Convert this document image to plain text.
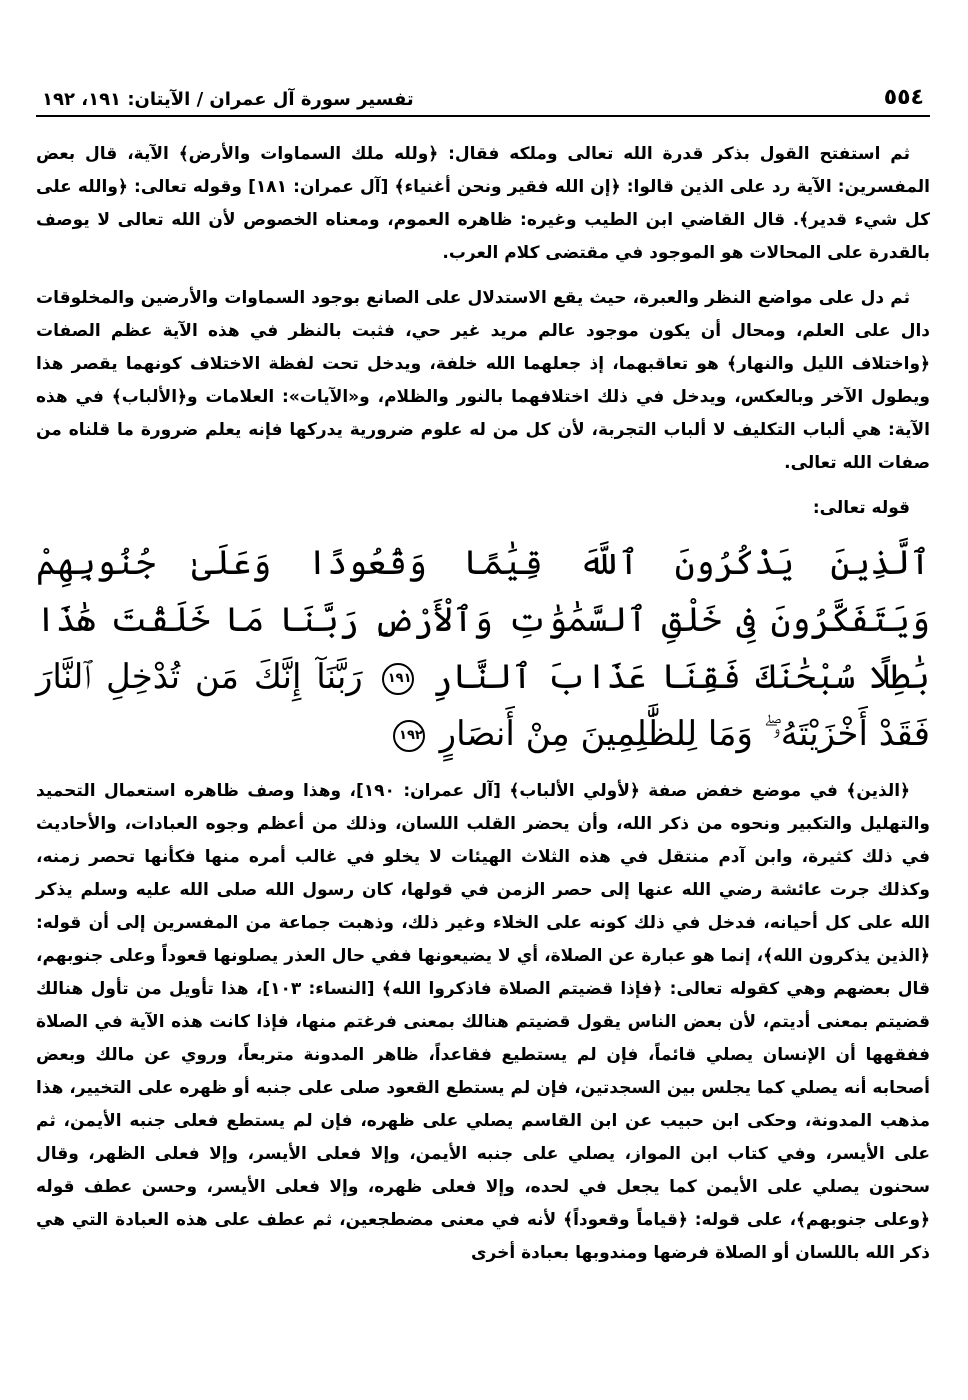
٥٥٤
تفسير سورة آل عمران / الآيتان: ١٩١، ١٩٢

ثم استفتح القول بذكر قدرة الله تعالى وملكه فقال: ﴿ولله ملك السماوات والأرض﴾ الآية، قال بعض المفسرين: الآية رد على الذين قالوا: ﴿إن الله فقير ونحن أغنياء﴾ [آل عمران: ١٨١] وقوله تعالى: ﴿والله على كل شيء قدير﴾. قال القاضي ابن الطيب وغيره: ظاهره العموم، ومعناه الخصوص لأن الله تعالى لا يوصف بالقدرة على المحالات هو الموجود في مقتضى كلام العرب.

ثم دل على مواضع النظر والعبرة، حيث يقع الاستدلال على الصانع بوجود السماوات والأرضين والمخلوقات دال على العلم، ومحال أن يكون موجود عالم مريد غير حي، فثبت بالنظر في هذه الآية عظم الصفات ﴿واختلاف الليل والنهار﴾ هو تعاقبهما، إذ جعلهما الله خلفة، ويدخل تحت لفظة الاختلاف كونهما يقصر هذا ويطول الآخر وبالعكس، ويدخل في ذلك اختلافهما بالنور والظلام، و«الآيات»: العلامات و﴿الألباب﴾ في هذه الآية: هي ألباب التكليف لا ألباب التجربة، لأن كل من له علوم ضرورية يدركها فإنه يعلم ضرورة ما قلناه من صفات الله تعالى.

قوله تعالى:

ٱلَّذِينَ يَذْكُرُونَ ٱللَّهَ قِيَٰمًا وَقُعُودًا وَعَلَىٰ جُنُوبِهِمْ وَيَتَفَكَّرُونَ فِى خَلْقِ ٱلسَّمَٰوَٰتِ وَٱلْأَرْضِ رَبَّنَا مَا خَلَقْتَ هَٰذَا بَٰطِلًا سُبْحَٰنَكَ فَقِنَا عَذَابَ ٱلنَّارِ ١٩١ رَبَّنَآ إِنَّكَ مَن تُدْخِلِ ٱلنَّارَ فَقَدْ أَخْزَيْتَهُۥ ۖ وَمَا لِلظَّٰلِمِينَ مِنْ أَنصَارٍ ١٩٢

﴿الذين﴾ في موضع خفض صفة ﴿لأولي الألباب﴾ [آل عمران: ١٩٠]، وهذا وصف ظاهره استعمال التحميد والتهليل والتكبير ونحوه من ذكر الله، وأن يحضر القلب اللسان، وذلك من أعظم وجوه العبادات، والأحاديث في ذلك كثيرة، وابن آدم منتقل في هذه الثلاث الهيئات لا يخلو في غالب أمره منها فكأنها تحصر زمنه، وكذلك جرت عائشة رضي الله عنها إلى حصر الزمن في قولها، كان رسول الله صلى الله عليه وسلم يذكر الله على كل أحيانه، فدخل في ذلك كونه على الخلاء وغير ذلك، وذهبت جماعة من المفسرين إلى أن قوله: ﴿الذين يذكرون الله﴾، إنما هو عبارة عن الصلاة، أي لا يضيعونها ففي حال العذر يصلونها قعوداً وعلى جنوبهم، قال بعضهم وهي كقوله تعالى: ﴿فإذا قضيتم الصلاة فاذكروا الله﴾ [النساء: ١٠٣]، هذا تأويل من تأول هنالك قضيتم بمعنى أديتم، لأن بعض الناس يقول قضيتم هنالك بمعنى فرغتم منها، فإذا كانت هذه الآية في الصلاة ففقهها أن الإنسان يصلي قائماً، فإن لم يستطيع فقاعداً، ظاهر المدونة متربعاً، وروي عن مالك وبعض أصحابه أنه يصلي كما يجلس بين السجدتين، فإن لم يستطع القعود صلى على جنبه أو ظهره على التخيير، هذا مذهب المدونة، وحكى ابن حبيب عن ابن القاسم يصلي على ظهره، فإن لم يستطع فعلى جنبه الأيمن، ثم على الأيسر، وفي كتاب ابن المواز، يصلي على جنبه الأيمن، وإلا فعلى الأيسر، وإلا فعلى الظهر، وقال سحنون يصلي على الأيمن كما يجعل في لحده، وإلا فعلى ظهره، وإلا فعلى الأيسر، وحسن عطف قوله ﴿وعلى جنوبهم﴾، على قوله: ﴿قياماً وقعوداً﴾ لأنه في معنى مضطجعين، ثم عطف على هذه العبادة التي هي ذكر الله باللسان أو الصلاة فرضها ومندوبها بعبادة أخرى
